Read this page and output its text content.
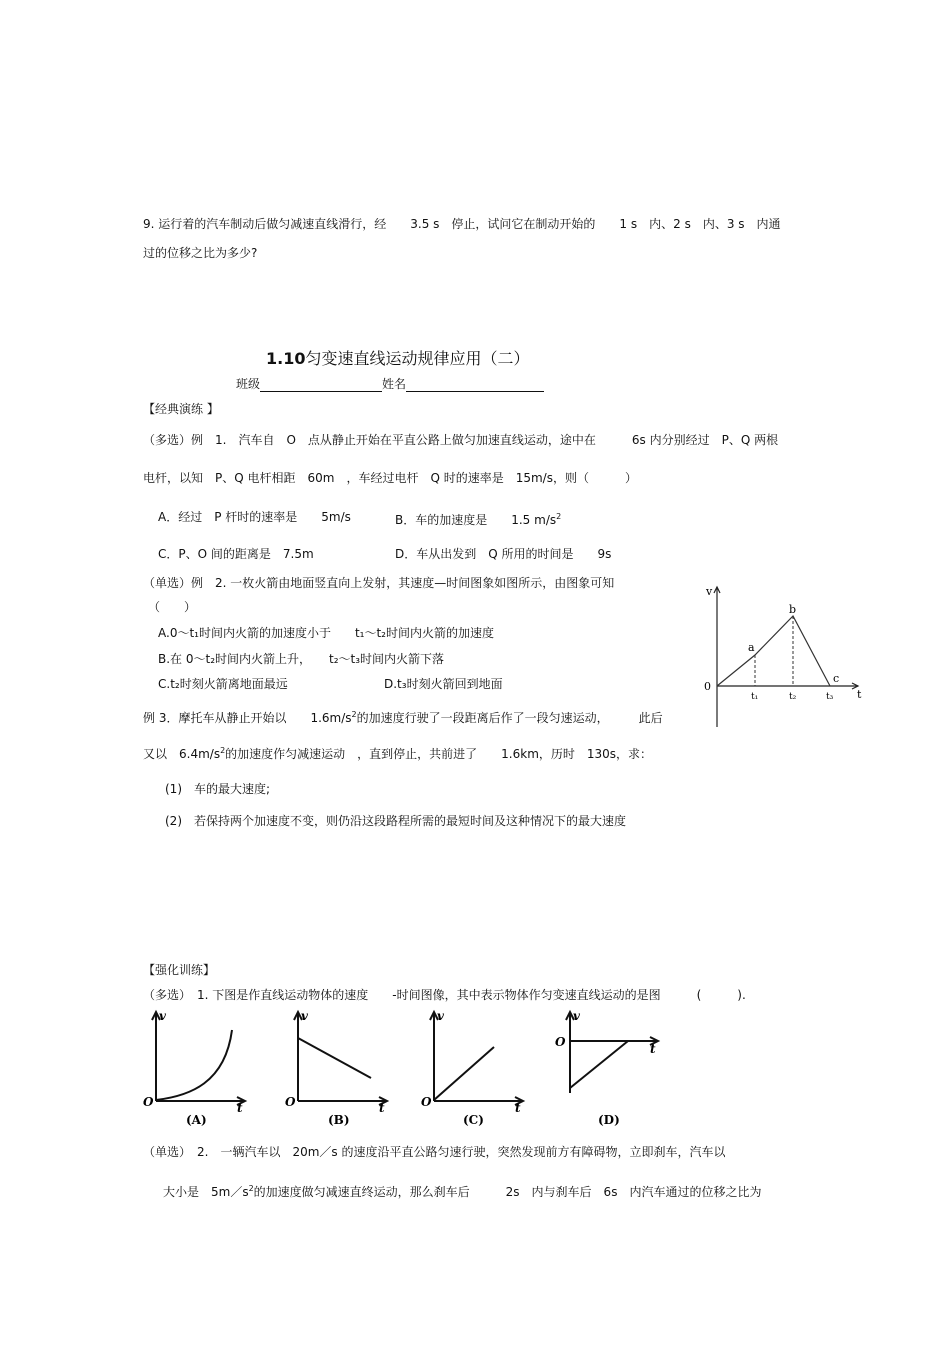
9. 运行着的汽车制动后做匀减速直线滑行，经　　3.5 s　停止，试问它在制动开始的　　1 s　内、2 s　内、3 s　内通
过的位移之比为多少?
1.10匀变速直线运动规律应用（二）
班级	姓名
【经典演练 】
（多选）例　1.　汽车自　O　点从静止开始在平直公路上做匀加速直线运动，途中在　　　6s 内分别经过　P、Q 两根
电杆，以知　P、Q 电杆相距　60m　，车经过电杆　Q 时的速率是　15m/s，则（　　　）
A．经过　P 杆时的速率是　　5m/s	B．车的加速度是　　1.5 $m/s^2$
C．P、O 间的距离是　7.5m	D．车从出发到　Q 所用的时间是　　9s
（单选）例　2. 一枚火箭由地面竖直向上发射，其速度—时间图象如图所示，由图象可知
（　　）
A.0～t₁时间内火箭的加速度小于　　t₁～t₂时间内火箭的加速度
B.在 0～t₂时间内火箭上升，　　t₂～t₃时间内火箭下落
C.t₂时刻火箭离地面最远	D.t₃时刻火箭回到地面
v
0
t
a
b
c
t₁	t₂	t₃
例 3．摩托车从静止开始以　　$1.6m/s^2$的加速度行驶了一段距离后作了一段匀速运动，　　　此后
又以　$6.4m/s^2$的加速度作匀减速运动　，直到停止，共前进了　　1.6km，历时　130s，求：
(1)　车的最大速度;
(2)　若保持两个加速度不变，则仍沿这段路程所需的最短时间及这种情况下的最大速度
【强化训练】
（多选）　1. 下图是作直线运动物体的速度　　-时间图像，其中表示物体作匀变速直线运动的是图　　　(　　　).
v
O	t
(A)
v
O	t
(B)
v
O	t
(C)
v
O	t
(D)
（单选）　2.　一辆汽车以　20m／s 的速度沿平直公路匀速行驶，突然发现前方有障碍物，立即刹车，汽车以
大小是　$5m/s^2$的加速度做匀减速直终运动，那么刹车后　　　2s　内与刹车后　6s　内汽车通过的位移之比为
